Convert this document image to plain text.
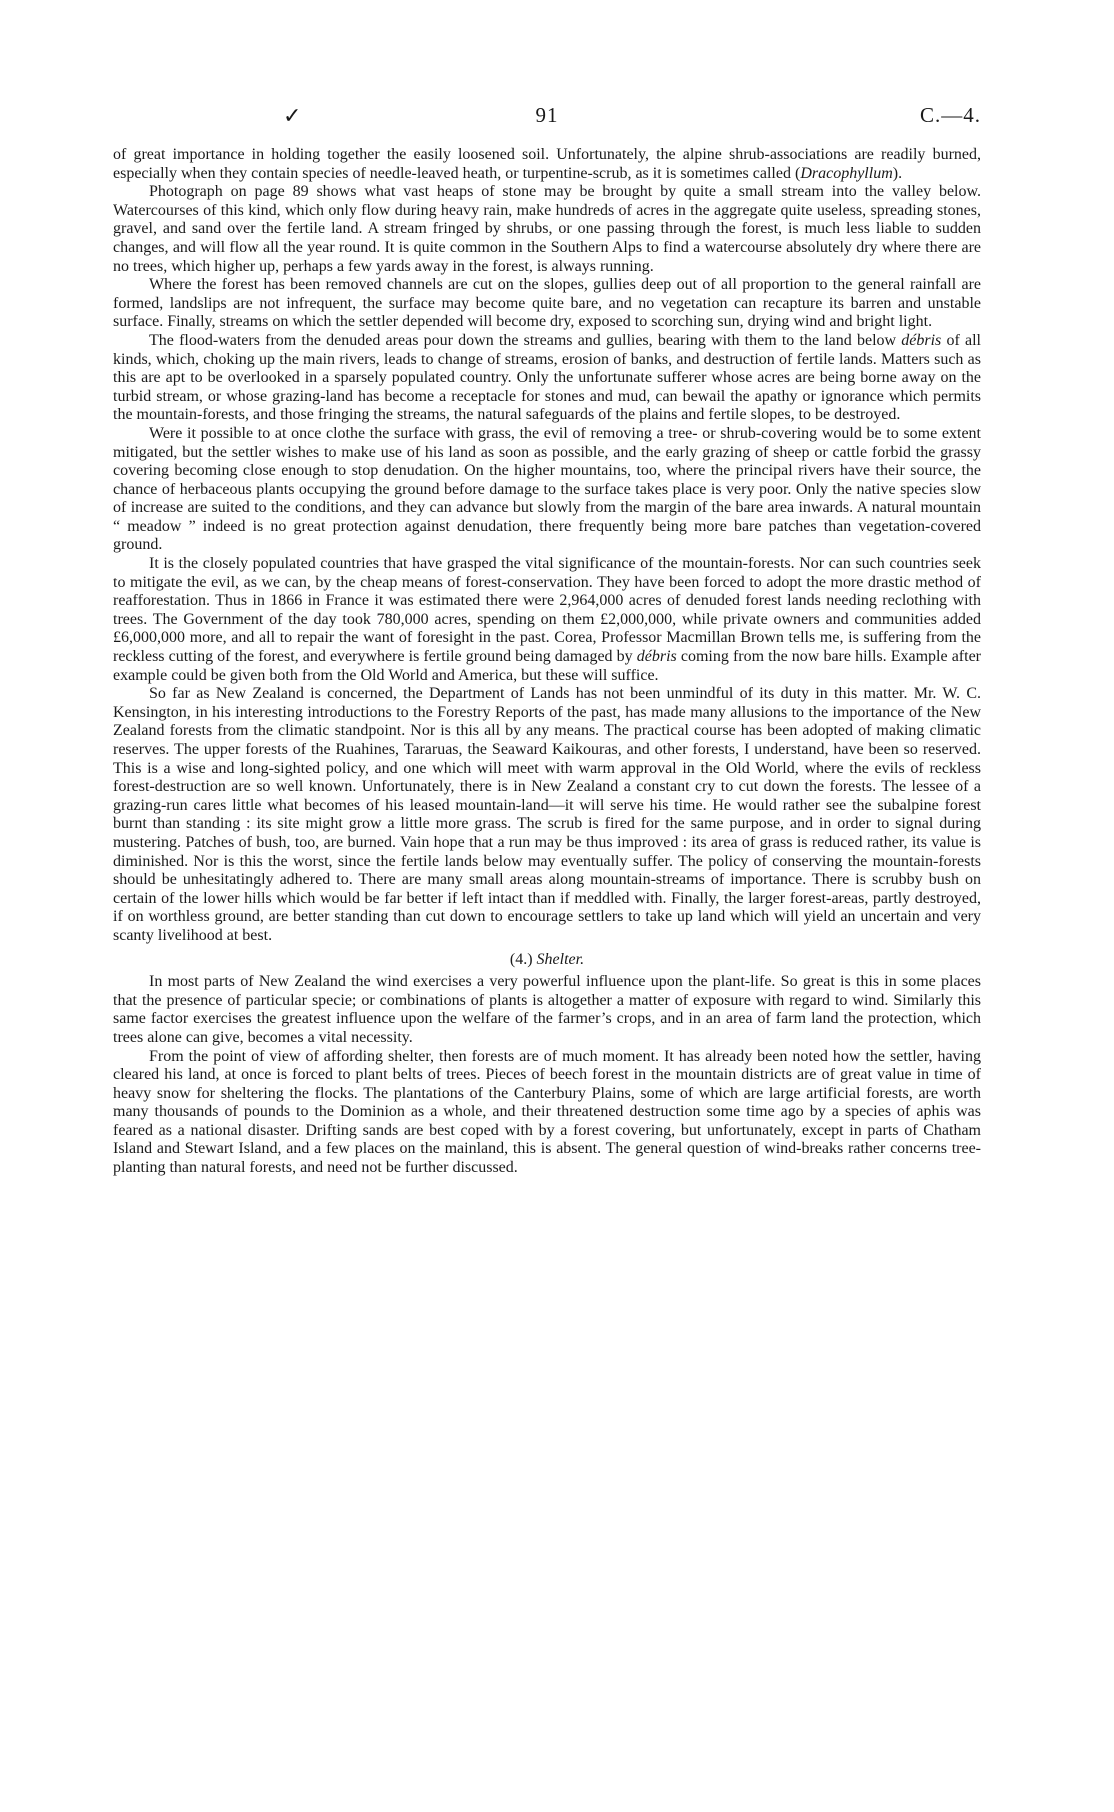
✓	91	C.—4.

of great importance in holding together the easily loosened soil. Unfortunately, the alpine shrub-associations are readily burned, especially when they contain species of needle-leaved heath, or turpentine-scrub, as it is sometimes called (Dracophyllum).

Photograph on page 89 shows what vast heaps of stone may be brought by quite a small stream into the valley below. Watercourses of this kind, which only flow during heavy rain, make hundreds of acres in the aggregate quite useless, spreading stones, gravel, and sand over the fertile land. A stream fringed by shrubs, or one passing through the forest, is much less liable to sudden changes, and will flow all the year round. It is quite common in the Southern Alps to find a watercourse absolutely dry where there are no trees, which higher up, perhaps a few yards away in the forest, is always running.

Where the forest has been removed channels are cut on the slopes, gullies deep out of all proportion to the general rainfall are formed, landslips are not infrequent, the surface may become quite bare, and no vegetation can recapture its barren and unstable surface. Finally, streams on which the settler depended will become dry, exposed to scorching sun, drying wind and bright light.

The flood-waters from the denuded areas pour down the streams and gullies, bearing with them to the land below débris of all kinds, which, choking up the main rivers, leads to change of streams, erosion of banks, and destruction of fertile lands. Matters such as this are apt to be overlooked in a sparsely populated country. Only the unfortunate sufferer whose acres are being borne away on the turbid stream, or whose grazing-land has become a receptacle for stones and mud, can bewail the apathy or ignorance which permits the mountain-forests, and those fringing the streams, the natural safeguards of the plains and fertile slopes, to be destroyed.

Were it possible to at once clothe the surface with grass, the evil of removing a tree- or shrub-covering would be to some extent mitigated, but the settler wishes to make use of his land as soon as possible, and the early grazing of sheep or cattle forbid the grassy covering becoming close enough to stop denudation. On the higher mountains, too, where the principal rivers have their source, the chance of herbaceous plants occupying the ground before damage to the surface takes place is very poor. Only the native species slow of increase are suited to the conditions, and they can advance but slowly from the margin of the bare area inwards. A natural mountain “ meadow ” indeed is no great protection against denudation, there frequently being more bare patches than vegetation-covered ground.

It is the closely populated countries that have grasped the vital significance of the mountain-forests. Nor can such countries seek to mitigate the evil, as we can, by the cheap means of forest-conservation. They have been forced to adopt the more drastic method of reafforestation. Thus in 1866 in France it was estimated there were 2,964,000 acres of denuded forest lands needing reclothing with trees. The Government of the day took 780,000 acres, spending on them £2,000,000, while private owners and communities added £6,000,000 more, and all to repair the want of foresight in the past. Corea, Professor Macmillan Brown tells me, is suffering from the reckless cutting of the forest, and everywhere is fertile ground being damaged by débris coming from the now bare hills. Example after example could be given both from the Old World and America, but these will suffice.

So far as New Zealand is concerned, the Department of Lands has not been unmindful of its duty in this matter. Mr. W. C. Kensington, in his interesting introductions to the Forestry Reports of the past, has made many allusions to the importance of the New Zealand forests from the climatic standpoint. Nor is this all by any means. The practical course has been adopted of making climatic reserves. The upper forests of the Ruahines, Tararuas, the Seaward Kaikouras, and other forests, I understand, have been so reserved. This is a wise and long-sighted policy, and one which will meet with warm approval in the Old World, where the evils of reckless forest-destruction are so well known. Unfortunately, there is in New Zealand a constant cry to cut down the forests. The lessee of a grazing-run cares little what becomes of his leased mountain-land—it will serve his time. He would rather see the subalpine forest burnt than standing : its site might grow a little more grass. The scrub is fired for the same purpose, and in order to signal during mustering. Patches of bush, too, are burned. Vain hope that a run may be thus improved : its area of grass is reduced rather, its value is diminished. Nor is this the worst, since the fertile lands below may eventually suffer. The policy of conserving the mountain-forests should be unhesitatingly adhered to. There are many small areas along mountain-streams of importance. There is scrubby bush on certain of the lower hills which would be far better if left intact than if meddled with. Finally, the larger forest-areas, partly destroyed, if on worthless ground, are better standing than cut down to encourage settlers to take up land which will yield an uncertain and very scanty livelihood at best.

(4.) Shelter.

In most parts of New Zealand the wind exercises a very powerful influence upon the plant-life. So great is this in some places that the presence of particular specie; or combinations of plants is altogether a matter of exposure with regard to wind. Similarly this same factor exercises the greatest influence upon the welfare of the farmer’s crops, and in an area of farm land the protection, which trees alone can give, becomes a vital necessity.

From the point of view of affording shelter, then forests are of much moment. It has already been noted how the settler, having cleared his land, at once is forced to plant belts of trees. Pieces of beech forest in the mountain districts are of great value in time of heavy snow for sheltering the flocks. The plantations of the Canterbury Plains, some of which are large artificial forests, are worth many thousands of pounds to the Dominion as a whole, and their threatened destruction some time ago by a species of aphis was feared as a national disaster. Drifting sands are best coped with by a forest covering, but unfortunately, except in parts of Chatham Island and Stewart Island, and a few places on the mainland, this is absent. The general question of wind-breaks rather concerns tree-planting than natural forests, and need not be further discussed.
